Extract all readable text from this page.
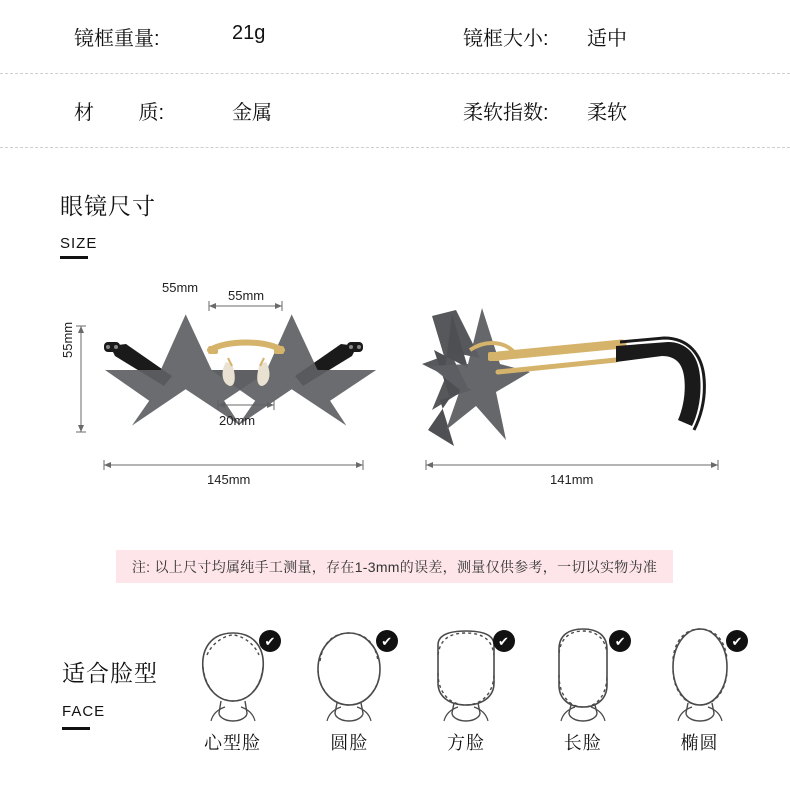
镜框重量:	21g	镜框大小: 适中
材        质:	金属	柔软指数: 柔软
眼镜尺寸
SIZE
55mm
55mm
55mm
20mm
145mm	141mm
注: 以上尺寸均属纯手工测量，存在1-3mm的误差，测量仅供参考，一切以实物为准
适合脸型
FACE
✔
心型脸
✔
圆脸
✔
方脸
✔
长脸
✔
椭圆
